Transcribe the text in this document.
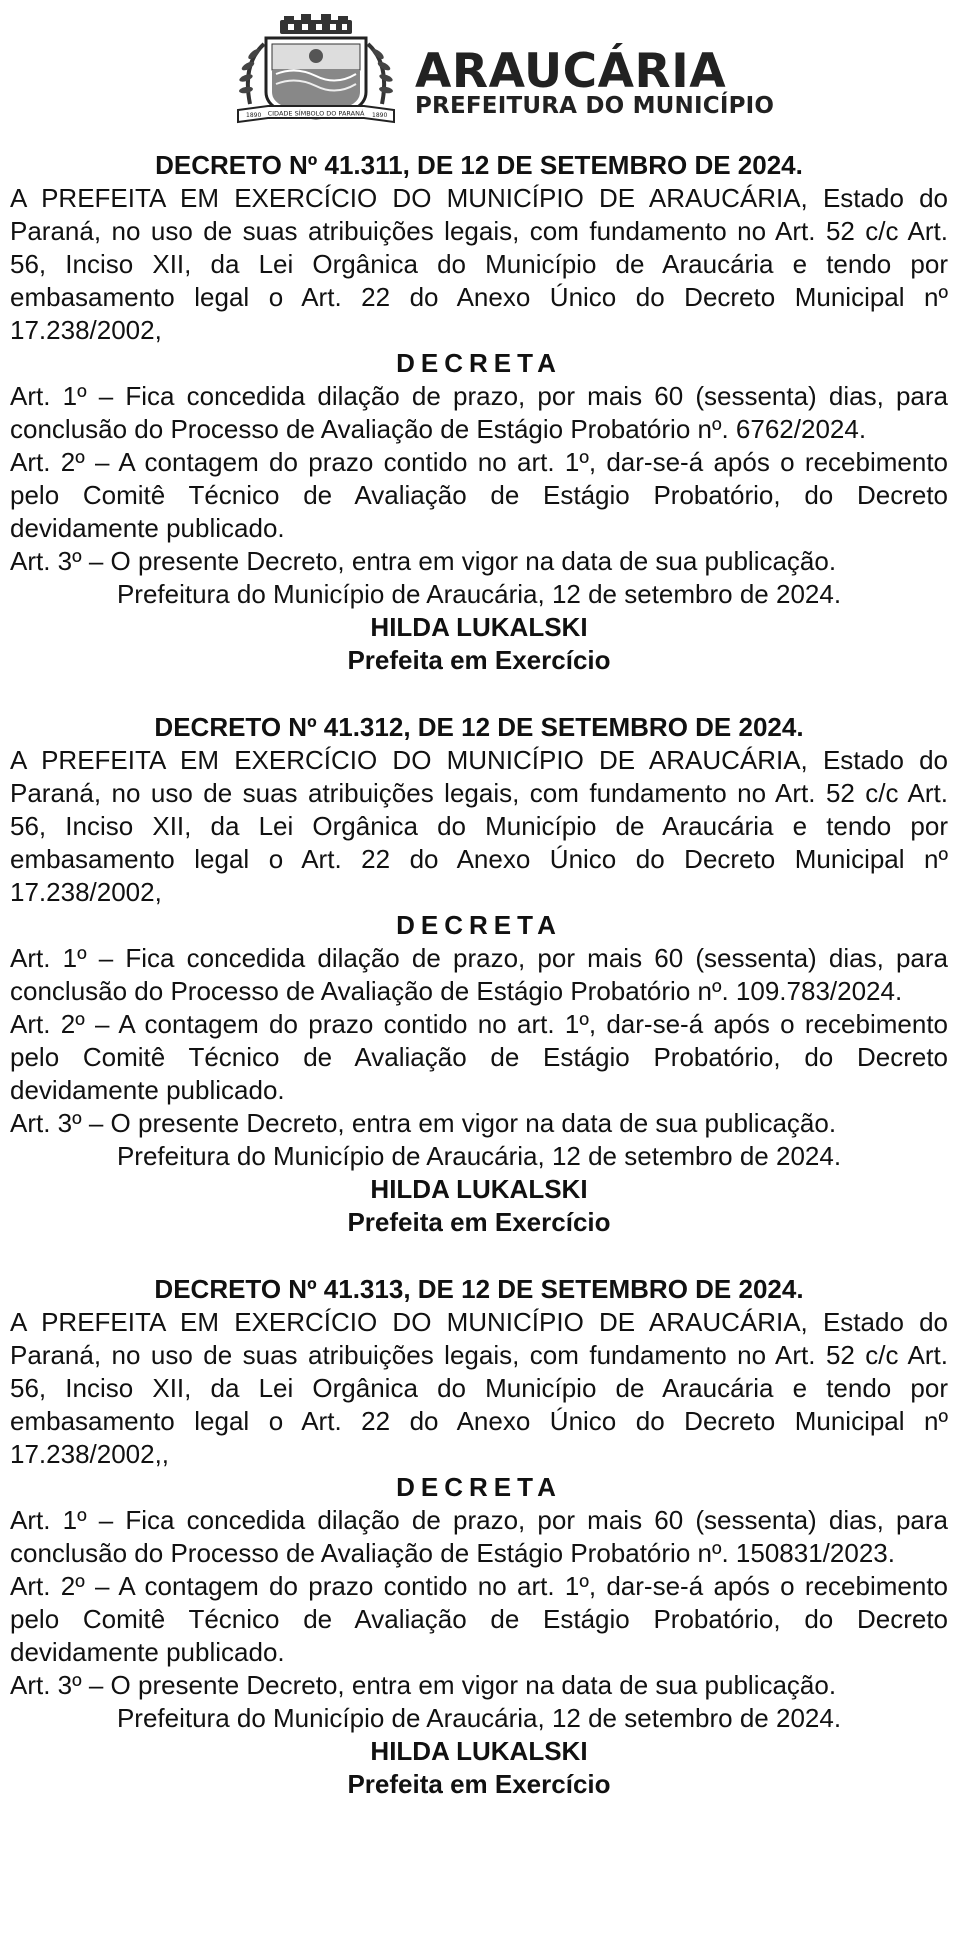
1890 CIDADE SÍMBOLO DO PARANÁ 1890
ARAUCÁRIA
PREFEITURA DO MUNICÍPIO

DECRETO Nº 41.311, DE 12 DE SETEMBRO DE 2024.

A PREFEITA EM EXERCÍCIO DO MUNICÍPIO DE ARAUCÁRIA, Estado do Paraná, no uso de suas atribuições legais, com fundamento no Art. 52 c/c Art. 56, Inciso XII, da Lei Orgânica do Município de Araucária e tendo por embasamento legal o Art. 22 do Anexo Único do Decreto Municipal nº 17.238/2002,

DECRETA

Art. 1º – Fica concedida dilação de prazo, por mais 60 (sessenta) dias, para conclusão do Processo de Avaliação de Estágio Probatório nº. 6762/2024.

Art. 2º – A contagem do prazo contido no art. 1º, dar-se-á após o recebimento pelo Comitê Técnico de Avaliação de Estágio Probatório, do Decreto devidamente publicado.

Art. 3º – O presente Decreto, entra em vigor na data de sua publicação.

Prefeitura do Município de Araucária, 12 de setembro de 2024.

HILDA LUKALSKI

Prefeita em Exercício

DECRETO Nº 41.312, DE 12 DE SETEMBRO DE 2024.

A PREFEITA EM EXERCÍCIO DO MUNICÍPIO DE ARAUCÁRIA, Estado do Paraná, no uso de suas atribuições legais, com fundamento no Art. 52 c/c Art. 56, Inciso XII, da Lei Orgânica do Município de Araucária e tendo por embasamento legal o Art. 22 do Anexo Único do Decreto Municipal nº 17.238/2002,

DECRETA

Art. 1º – Fica concedida dilação de prazo, por mais 60 (sessenta) dias, para conclusão do Processo de Avaliação de Estágio Probatório nº. 109.783/2024.

Art. 2º – A contagem do prazo contido no art. 1º, dar-se-á após o recebimento pelo Comitê Técnico de Avaliação de Estágio Probatório, do Decreto devidamente publicado.

Art. 3º – O presente Decreto, entra em vigor na data de sua publicação.

Prefeitura do Município de Araucária, 12 de setembro de 2024.

HILDA LUKALSKI

Prefeita em Exercício

DECRETO Nº 41.313, DE 12 DE SETEMBRO DE 2024.

A PREFEITA EM EXERCÍCIO DO MUNICÍPIO DE ARAUCÁRIA, Estado do Paraná, no uso de suas atribuições legais, com fundamento no Art. 52 c/c Art. 56, Inciso XII, da Lei Orgânica do Município de Araucária e tendo por embasamento legal o Art. 22 do Anexo Único do Decreto Municipal nº 17.238/2002,,

DECRETA

Art. 1º – Fica concedida dilação de prazo, por mais 60 (sessenta) dias, para conclusão do Processo de Avaliação de Estágio Probatório nº. 150831/2023.

Art. 2º – A contagem do prazo contido no art. 1º, dar-se-á após o recebimento pelo Comitê Técnico de Avaliação de Estágio Probatório, do Decreto devidamente publicado.

Art. 3º – O presente Decreto, entra em vigor na data de sua publicação.

Prefeitura do Município de Araucária, 12 de setembro de 2024.

HILDA LUKALSKI

Prefeita em Exercício
